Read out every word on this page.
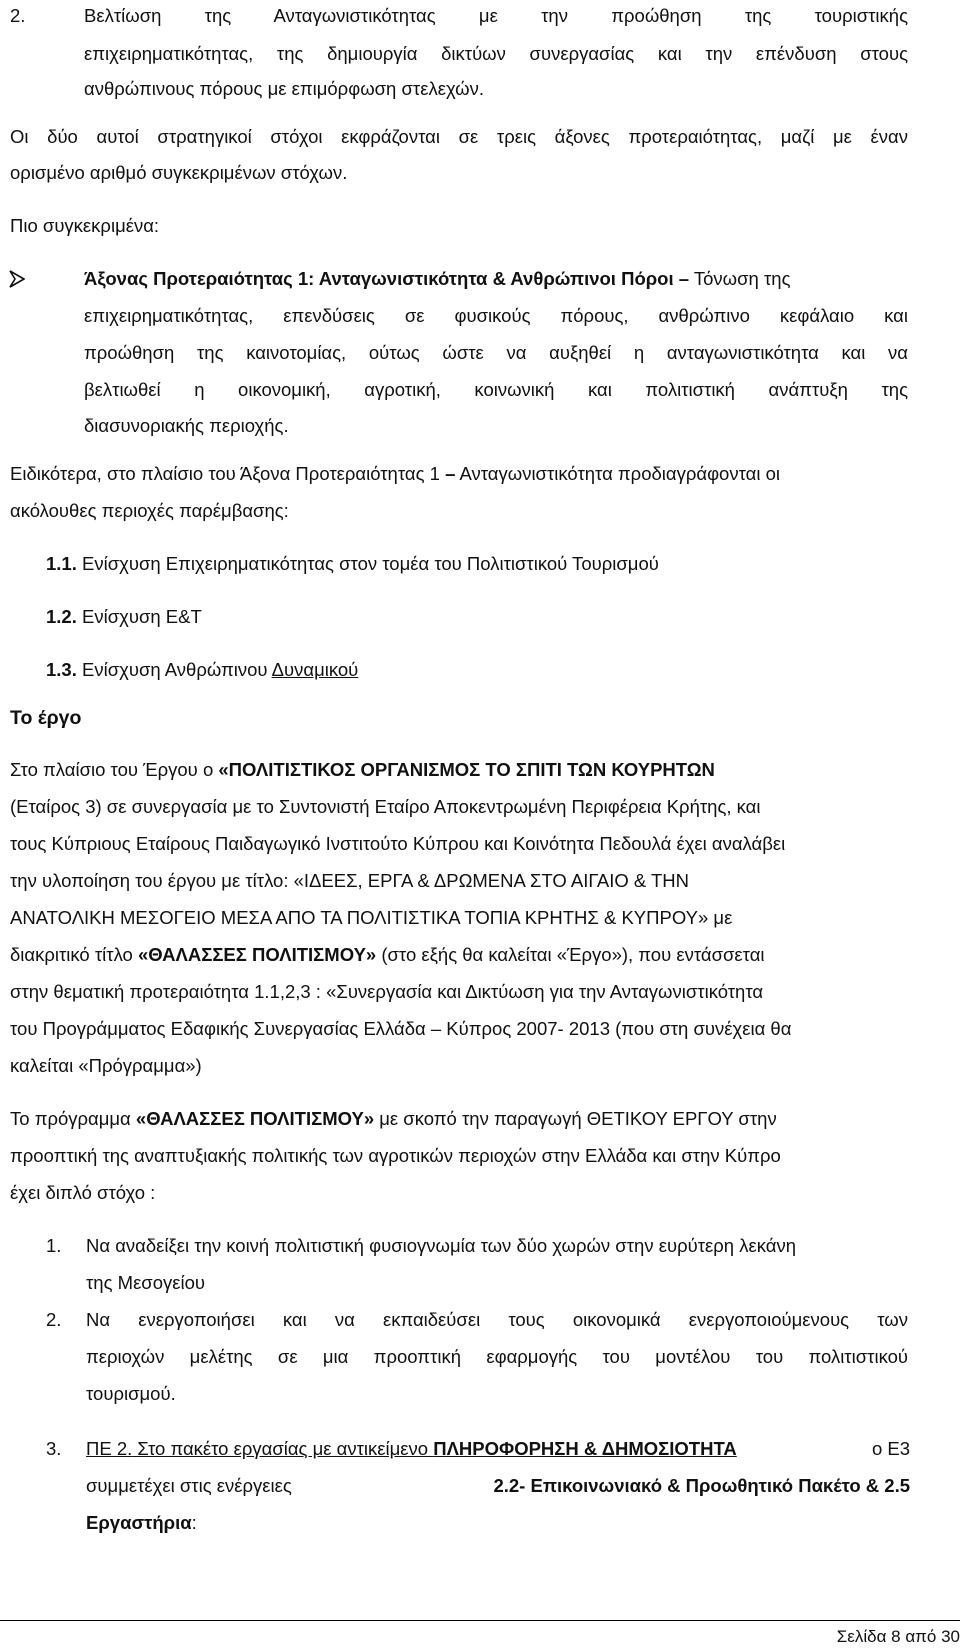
2.	Βελτίωση της Ανταγωνιστικότητας με την προώθηση της τουριστικής
επιχειρηματικότητας, της δημιουργία δικτύων συνεργασίας και την επένδυση στους
ανθρώπινους πόρους με επιμόρφωση στελεχών.
Οι δύο αυτοί στρατηγικοί στόχοι εκφράζονται σε τρεις άξονες προτεραιότητας, μαζί με έναν
ορισμένο αριθμό συγκεκριμένων στόχων.
Πιο συγκεκριμένα:
Άξονας Προτεραιότητας 1: Ανταγωνιστικότητα & Ανθρώπινοι Πόροι – Τόνωση της
επιχειρηματικότητας, επενδύσεις σε φυσικούς πόρους, ανθρώπινο κεφάλαιο και
προώθηση της καινοτομίας, ούτως ώστε να αυξηθεί η ανταγωνιστικότητα και να
βελτιωθεί η οικονομική, αγροτική, κοινωνική και πολιτιστική ανάπτυξη της
διασυνοριακής περιοχής.
Ειδικότερα, στο πλαίσιο του Άξονα Προτεραιότητας 1 – Ανταγωνιστικότητα προδιαγράφονται οι
ακόλουθες περιοχές παρέμβασης:
1.1. Ενίσχυση Επιχειρηματικότητας στον τομέα του Πολιτιστικού Τουρισμού
1.2. Ενίσχυση Ε&Τ
1.3. Ενίσχυση Ανθρώπινου Δυναμικού
Το έργο
Στο πλαίσιο του Έργου ο «ΠΟΛΙΤΙΣΤΙΚΟΣ ΟΡΓΑΝΙΣΜΟΣ ΤΟ ΣΠΙΤΙ ΤΩΝ ΚΟΥΡΗΤΩΝ
(Εταίρος 3) σε συνεργασία με το Συντονιστή Εταίρο Αποκεντρωμένη Περιφέρεια Κρήτης, και
τους Κύπριους Εταίρους Παιδαγωγικό Ινστιτούτο Κύπρου και Κοινότητα Πεδουλά έχει αναλάβει
την υλοποίηση του έργου με τίτλο: «ΙΔΕΕΣ, ΕΡΓΑ & ΔΡΩΜΕΝΑ ΣΤΟ ΑΙΓΑΙΟ & ΤΗΝ
ΑΝΑΤΟΛΙΚΗ ΜΕΣΟΓΕΙΟ ΜΕΣΑ ΑΠΟ ΤΑ ΠΟΛΙΤΙΣΤΙΚΑ ΤΟΠΙΑ ΚΡΗΤΗΣ & ΚΥΠΡΟΥ» με
διακριτικό τίτλο «ΘΑΛΑΣΣΕΣ ΠΟΛΙΤΙΣΜΟΥ» (στο εξής θα καλείται «Έργο»), που εντάσσεται
στην θεματική προτεραιότητα 1.1,2,3 : «Συνεργασία και Δικτύωση για την Ανταγωνιστικότητα
του Προγράμματος Εδαφικής Συνεργασίας Ελλάδα – Κύπρος 2007- 2013 (που στη συνέχεια θα
καλείται «Πρόγραμμα»)
Το πρόγραμμα «ΘΑΛΑΣΣΕΣ ΠΟΛΙΤΙΣΜΟΥ» με σκοπό την παραγωγή ΘΕΤΙΚΟΥ ΕΡΓΟΥ στην
προοπτική της αναπτυξιακής πολιτικής των αγροτικών περιοχών στην Ελλάδα και στην Κύπρο
έχει διπλό στόχο :
1. Να αναδείξει την κοινή πολιτιστική φυσιογνωμία των δύο χωρών στην ευρύτερη λεκάνη
της Μεσογείου
2. Να ενεργοποιήσει και να εκπαιδεύσει τους οικονομικά ενεργοποιούμενους των
περιοχών μελέτης σε μια προοπτική εφαρμογής του μοντέλου του πολιτιστικού
τουρισμού.
3. ΠΕ 2. Στο πακέτο εργασίας με αντικείμενο ΠΛΗΡΟΦΟΡΗΣΗ & ΔΗΜΟΣΙΟΤΗΤΑ	ο Ε3
συμμετέχει στις ενέργειες	2.2- Επικοινωνιακό & Προωθητικό Πακέτο & 2.5
Εργαστήρια:
Σελίδα 8 από 30
